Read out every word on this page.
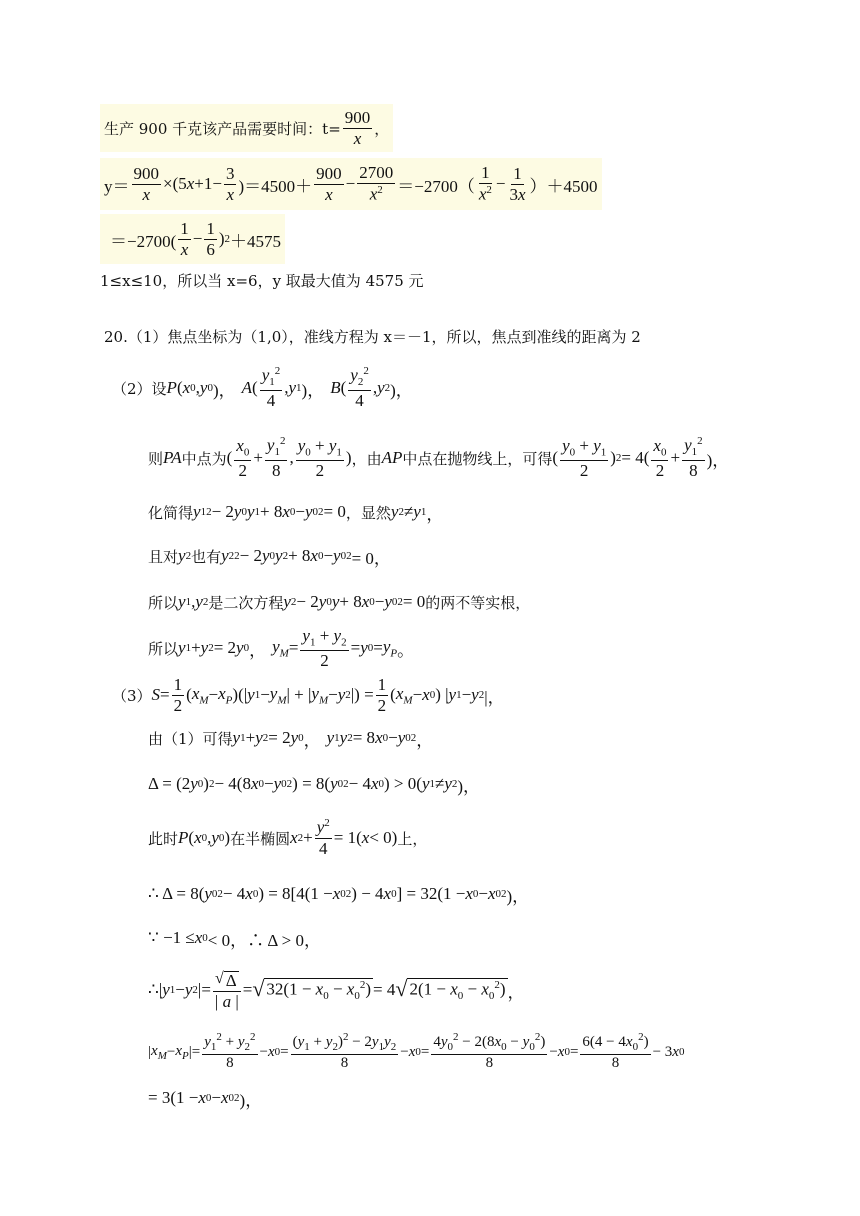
生产 900 千克该产品需要时间：$t= \frac{900}{x}$ ，
$y= \frac{900}{x} \times(5$ $x +1- \frac{3}{x} )=4500+ \frac{900}{x} - \frac{2700}{x^2} =-2700( \frac{1}{x^2} - \frac{1}{3x} )+4500$
$=-2700( \frac{1}{x} - \frac{1}{6}$ ) 2 ＋4575
1≤x≤10，所以当 x=6，y 取最大值为 4575 元
20.（1）焦点坐标为（1,0），准线方程为 x＝－1，所以，焦点到准线的距离为 2
（2）设 P ( x 0 , y 0 )， A ( $\frac{y_1^2}{4}$ , y 1 )， B ( $\frac{y_2^2}{4}$ , y 2 )，
则 PA 中点为 ( $\frac{x_0}{2} + \frac{y_1^2}{8}$ , $\frac{y_0 + y_1}{2}$ ) ，由 AP 中点在抛物线上，可得 ( $\frac{y_0 + y_1}{2}$ ) $2 = 4( \frac{x_0}{2} + \frac{y_1^2}{8}$ )，
化简得 y 1 2 − 2 y 0 y 1 + 8 x 0 − y 0 2 = 0 ，显然 y 2 ≠ y 1 ，
且对 y 2 也有 y 2 2 − 2 y 0 y 2 + 8 x 0 − y 0 2 = 0，
所以 y 1 , y 2 是二次方程 y 2 − 2 y 0 y + 8 x 0 − y 0 2 = 0 的两不等实根，
所以 y 1 + y 2 = 2 y 0 ， $y_M = \frac{y_1 + y_2}{2} = y$ $0 = y_P$ 。
（3） $S = \frac{1}{2}$ ( $x_M - x_P$ )(| y $1 - y_M$ | + | $y_M - y$ 2 |) = $\frac{1}{2}$ ( $x_M - x$ 0 ) | y 1 − y 2 |，
由（1）可得 y 1 + y 2 = 2 y 0 ， y 1 y 2 = 8 x 0 − y 0 2 ，
Δ = (2 y 0 ) 2 − 4(8 x 0 − y 0 2 ) = 8( y 0 2 − 4 x 0 ) > 0( y 1 ≠ y 2 )，
此时 P ( x 0 , y 0 ) 在半椭圆 x $2 + \frac{y^2}{4} = 1$( x < 0) 上，
∴ Δ = 8( y 0 2 − 4 x 0 ) = 8[4(1 − x 0 2 ) − 4 x 0 ] = 32(1 − x 0 − x 0 2 )，
∵ −1 ≤ x 0 < 0，∴ Δ > 0，
∴| y 1 − y 2 |= $\frac{√ \Delta}{| a |}$ = √ $32(1 - x_0 - x_0^2) = 4$ √ $2(1 - x_0 - x_0^2)$ ，
| $x_M - x_P$ |= $\frac{y_1^2 + y_2^2}{8} - x$ $0 = \frac{(y_1 + y_2)^2 - 2y_1y_2}{8} - x$ $0 = \frac{4y_0^2 - 2(8x_0 - y_0^2)}{8} - x$ $0 = \frac{6(4 - 4x_0^2)}{8} - 3$ x 0
= 3(1 − x 0 − x 0 2 )，
